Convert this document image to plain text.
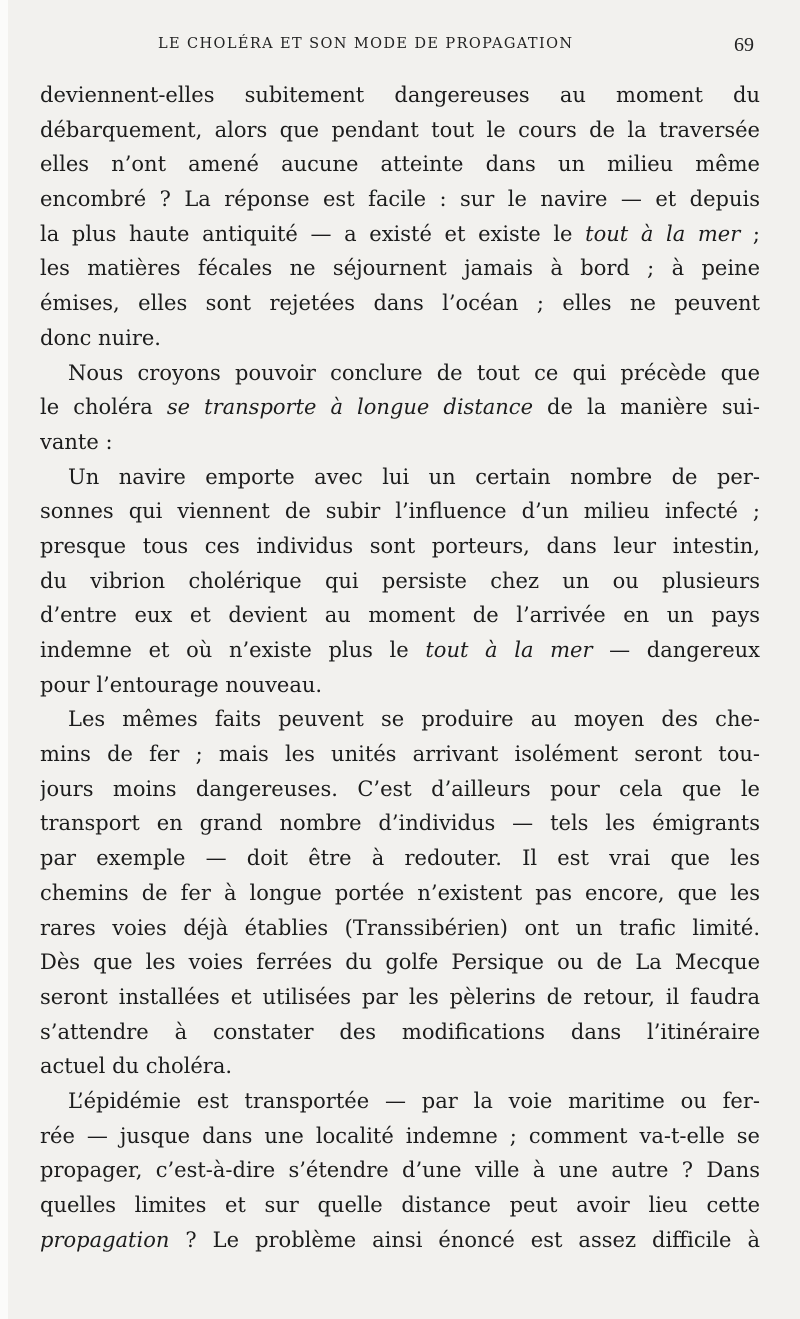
LE CHOLÉRA ET SON MODE DE PROPAGATION	69
deviennent-elles subitement dangereuses au moment du
débarquement, alors que pendant tout le cours de la traversée
elles n’ont amené aucune atteinte dans un milieu même
encombré ? La réponse est facile : sur le navire — et depuis
la plus haute antiquité — a existé et existe le tout à la mer ;
les matières fécales ne séjournent jamais à bord ; à peine
émises, elles sont rejetées dans l’océan ; elles ne peuvent
donc nuire.
Nous croyons pouvoir conclure de tout ce qui précède que
le choléra se transporte à longue distance de la manière sui-
vante :
Un navire emporte avec lui un certain nombre de per-
sonnes qui viennent de subir l’influence d’un milieu infecté ;
presque tous ces individus sont porteurs, dans leur intestin,
du vibrion cholérique qui persiste chez un ou plusieurs
d’entre eux et devient au moment de l’arrivée en un pays
indemne et où n’existe plus le tout à la mer — dangereux
pour l’entourage nouveau.
Les mêmes faits peuvent se produire au moyen des che-
mins de fer ; mais les unités arrivant isolément seront tou-
jours moins dangereuses. C’est d’ailleurs pour cela que le
transport en grand nombre d’individus — tels les émigrants
par exemple — doit être à redouter. Il est vrai que les
chemins de fer à longue portée n’existent pas encore, que les
rares voies déjà établies (Transsibérien) ont un trafic limité.
Dès que les voies ferrées du golfe Persique ou de La Mecque
seront installées et utilisées par les pèlerins de retour, il faudra
s’attendre à constater des modifications dans l’itinéraire
actuel du choléra.
L’épidémie est transportée — par la voie maritime ou fer-
rée — jusque dans une localité indemne ; comment va-t-elle se
propager, c’est-à-dire s’étendre d’une ville à une autre ? Dans
quelles limites et sur quelle distance peut avoir lieu cette
propagation ? Le problème ainsi énoncé est assez difficile à
